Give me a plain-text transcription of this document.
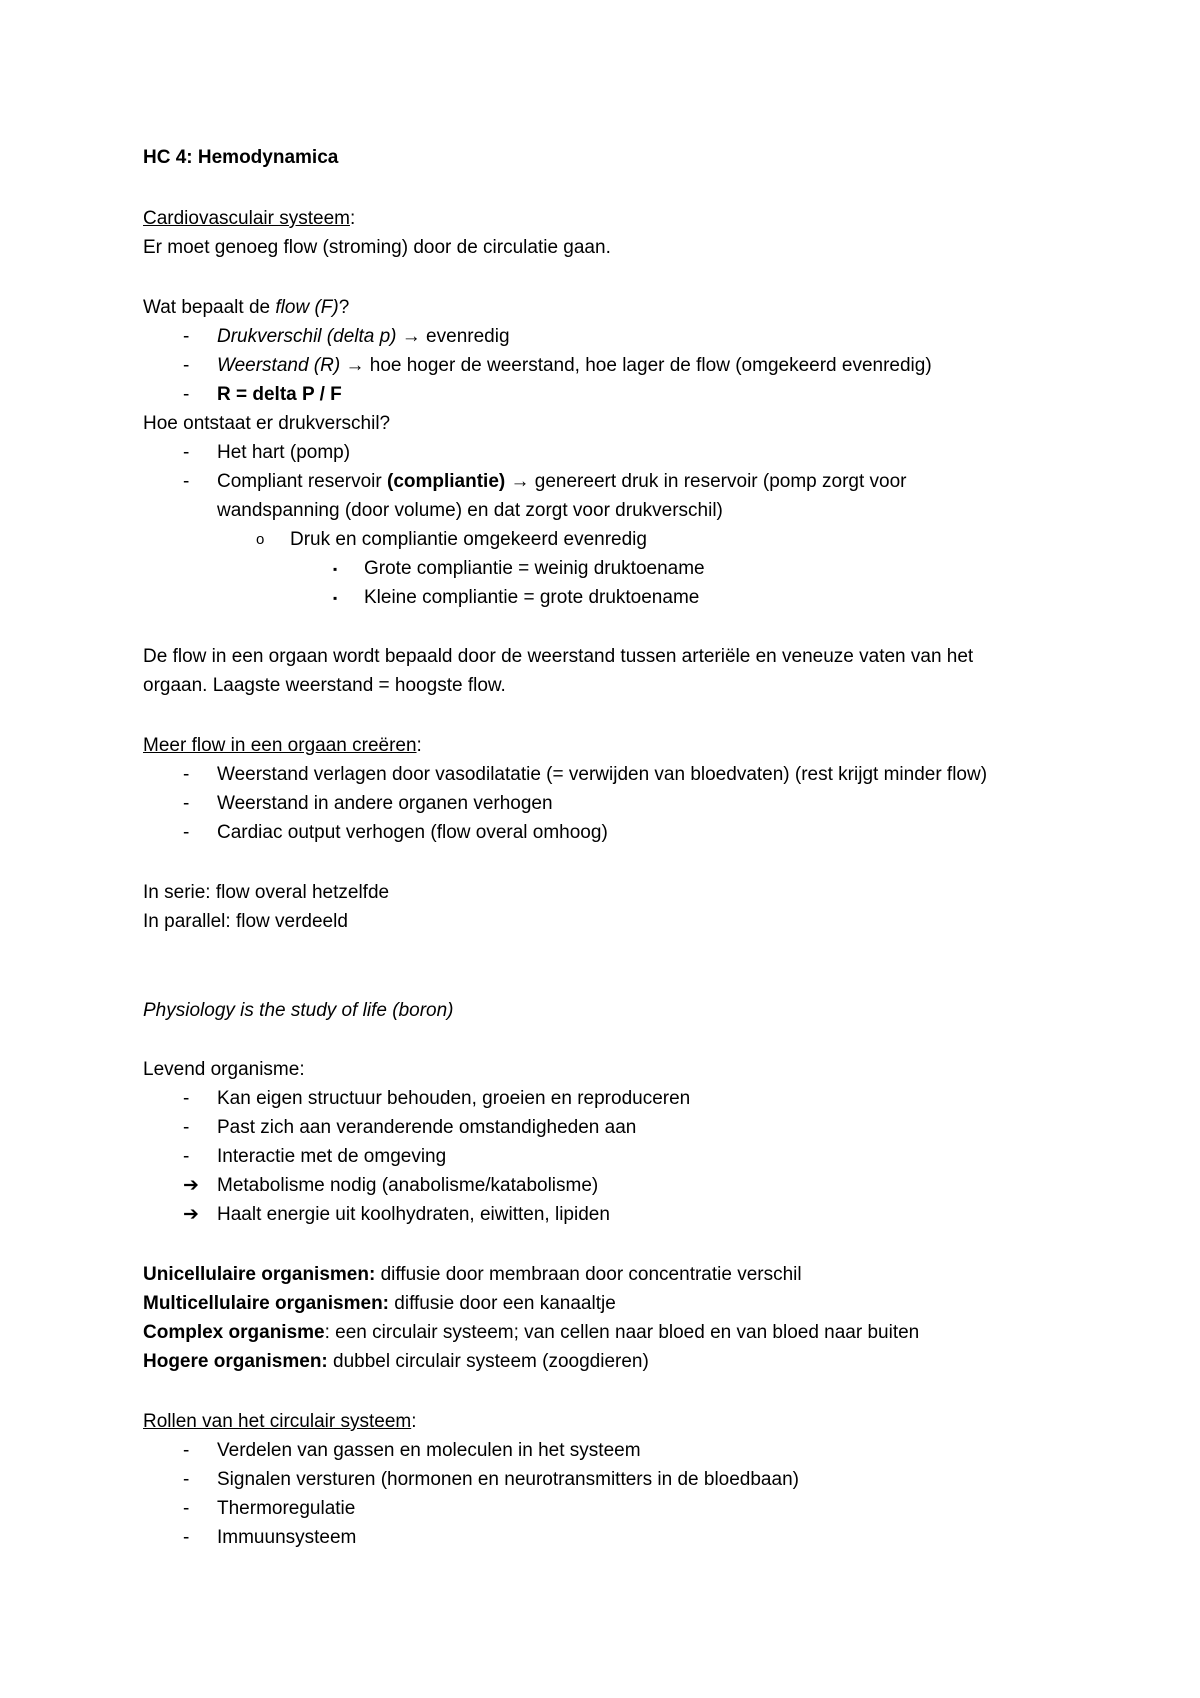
HC 4: Hemodynamica
Cardiovasculair systeem:
Er moet genoeg flow (stroming) door de circulatie gaan.
Wat bepaalt de flow (F)?
- Drukverschil (delta p) → evenredig
- Weerstand (R) → hoe hoger de weerstand, hoe lager de flow (omgekeerd evenredig)
- R = delta P / F
Hoe ontstaat er drukverschil?
- Het hart (pomp)
- Compliant reservoir (compliantie) → genereert druk in reservoir (pomp zorgt voor
wandspanning (door volume) en dat zorgt voor drukverschil)
o Druk en compliantie omgekeerd evenredig
▪ Grote compliantie = weinig druktoename
▪ Kleine compliantie = grote druktoename
De flow in een orgaan wordt bepaald door de weerstand tussen arteriële en veneuze vaten van het
orgaan. Laagste weerstand = hoogste flow.
Meer flow in een orgaan creëren:
- Weerstand verlagen door vasodilatatie (= verwijden van bloedvaten) (rest krijgt minder flow)
- Weerstand in andere organen verhogen
- Cardiac output verhogen (flow overal omhoog)
In serie: flow overal hetzelfde
In parallel: flow verdeeld
Physiology is the study of life (boron)
Levend organisme:
- Kan eigen structuur behouden, groeien en reproduceren
- Past zich aan veranderende omstandigheden aan
- Interactie met de omgeving
➔ Metabolisme nodig (anabolisme/katabolisme)
➔ Haalt energie uit koolhydraten, eiwitten, lipiden
Unicellulaire organismen: diffusie door membraan door concentratie verschil
Multicellulaire organismen: diffusie door een kanaaltje
Complex organisme: een circulair systeem; van cellen naar bloed en van bloed naar buiten
Hogere organismen: dubbel circulair systeem (zoogdieren)
Rollen van het circulair systeem:
- Verdelen van gassen en moleculen in het systeem
- Signalen versturen (hormonen en neurotransmitters in de bloedbaan)
- Thermoregulatie
- Immuunsysteem
